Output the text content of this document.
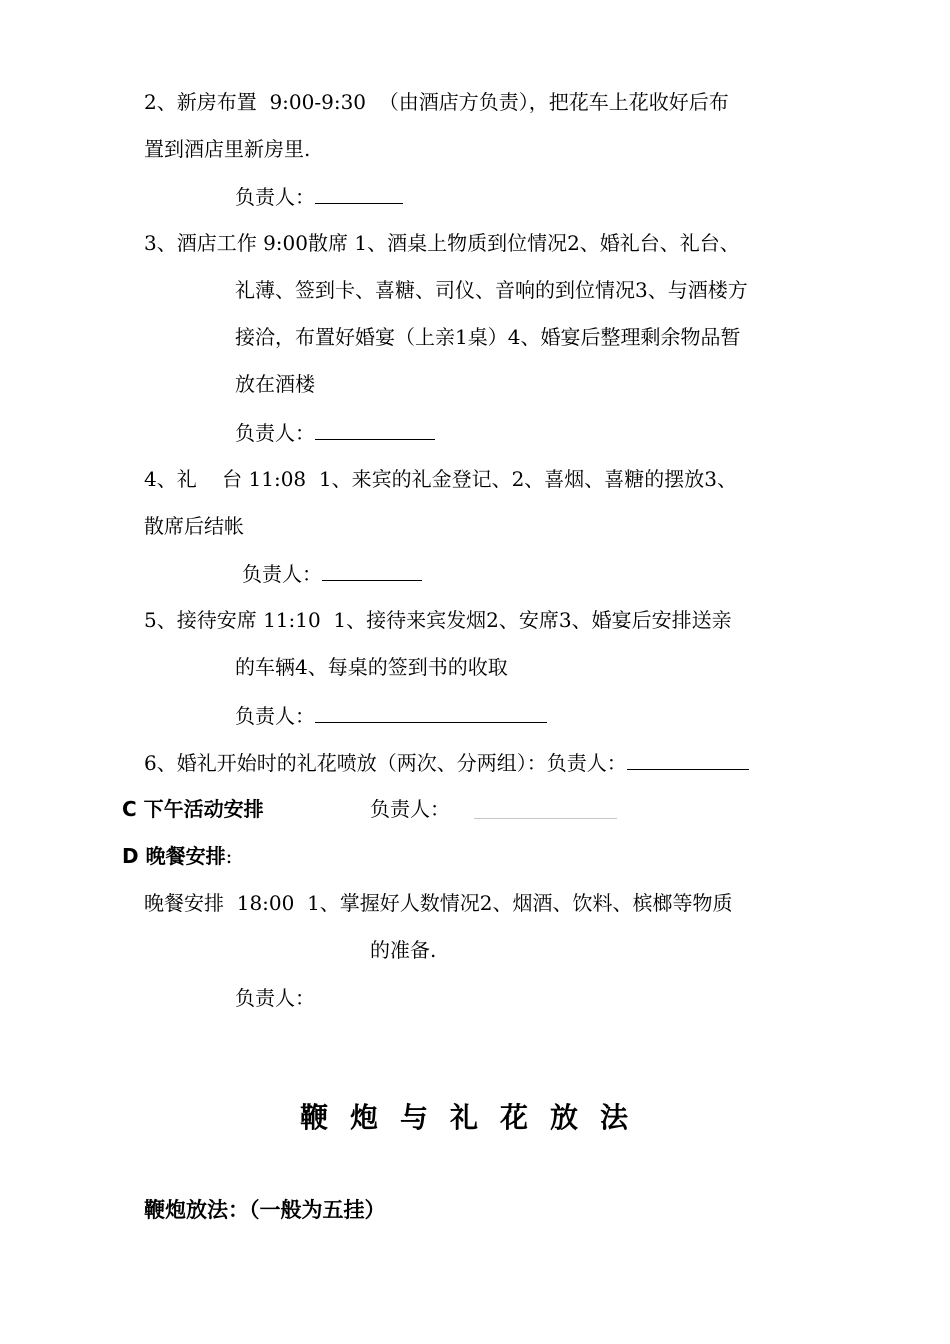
2、新房布置  9:00-9:30  （由酒店方负责），把花车上花收好后布
置到酒店里新房里.
负责人：
3、酒店工作 9:00散席 1、酒桌上物质到位情况2、婚礼台、礼台、
礼薄、签到卡、喜糖、司仪、音响的到位情况3、与酒楼方
接洽，布置好婚宴（上亲1桌）4、婚宴后整理剩余物品暂
放在酒楼
负责人：
4、礼    台 11:08  1、来宾的礼金登记、2、喜烟、喜糖的摆放3、
散席后结帐
负责人：
5、接待安席 11:10  1、接待来宾发烟2、安席3、婚宴后安排送亲
的车辆4、每桌的签到书的收取
负责人：
6、婚礼开始时的礼花喷放（两次、分两组）：负责人：
C 下午活动安排	负责人：
D 晚餐安排:
晚餐安排  18:00  1、掌握好人数情况2、烟酒、饮料、槟榔等物质
的准备.
负责人：
鞭炮与礼花放法
鞭炮放法：（一般为五挂）
